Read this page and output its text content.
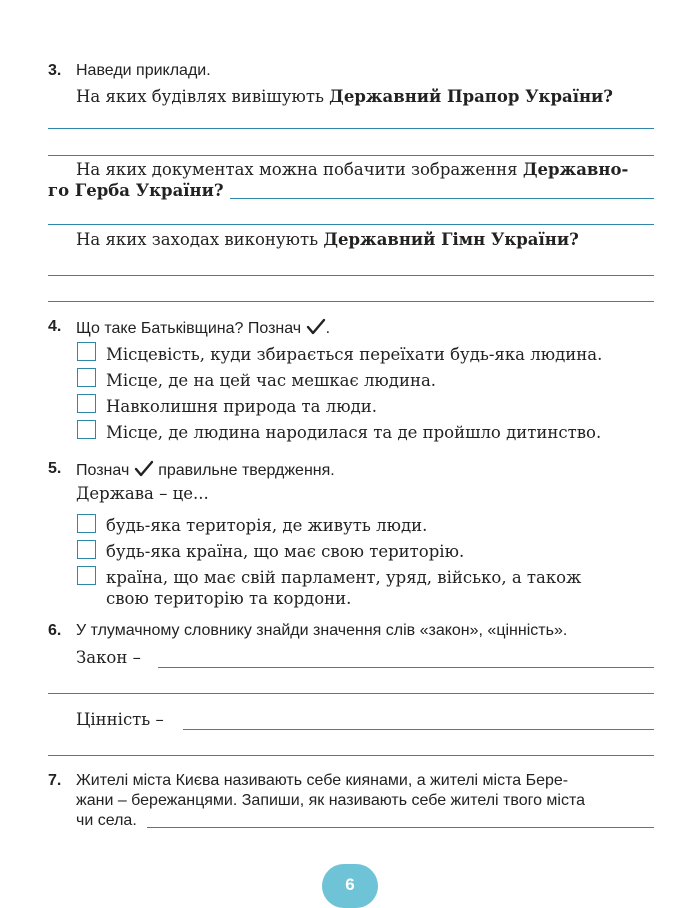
3. Наведи приклади.
На яких будівлях вивішують Державний Прапор України?
На яких документах можна побачити зображення Державно-
го Герба України?
На яких заходах виконують Державний Гімн України?
4. Що таке Батьківщина? Познач .
Місцевість, куди збирається переїхати будь-яка людина.
Місце, де на цей час мешкає людина.
Навколишня природа та люди.
Місце, де людина народилася та де пройшло дитинство.
5. Познач правильне твердження.
Держава – це...
будь-яка територія, де живуть люди.
будь-яка країна, що має свою територію.
країна, що має свій парламент, уряд, військо, а також
свою територію та кордони.
6. У тлумачному словнику знайди значення слів «закон», «цінність».
Закон –
Цінність –
7. Жителі міста Києва називають себе киянами, а жителі міста Бере-
жани – бережанцями. Запиши, як називають себе жителі твого міста
чи села.
6
